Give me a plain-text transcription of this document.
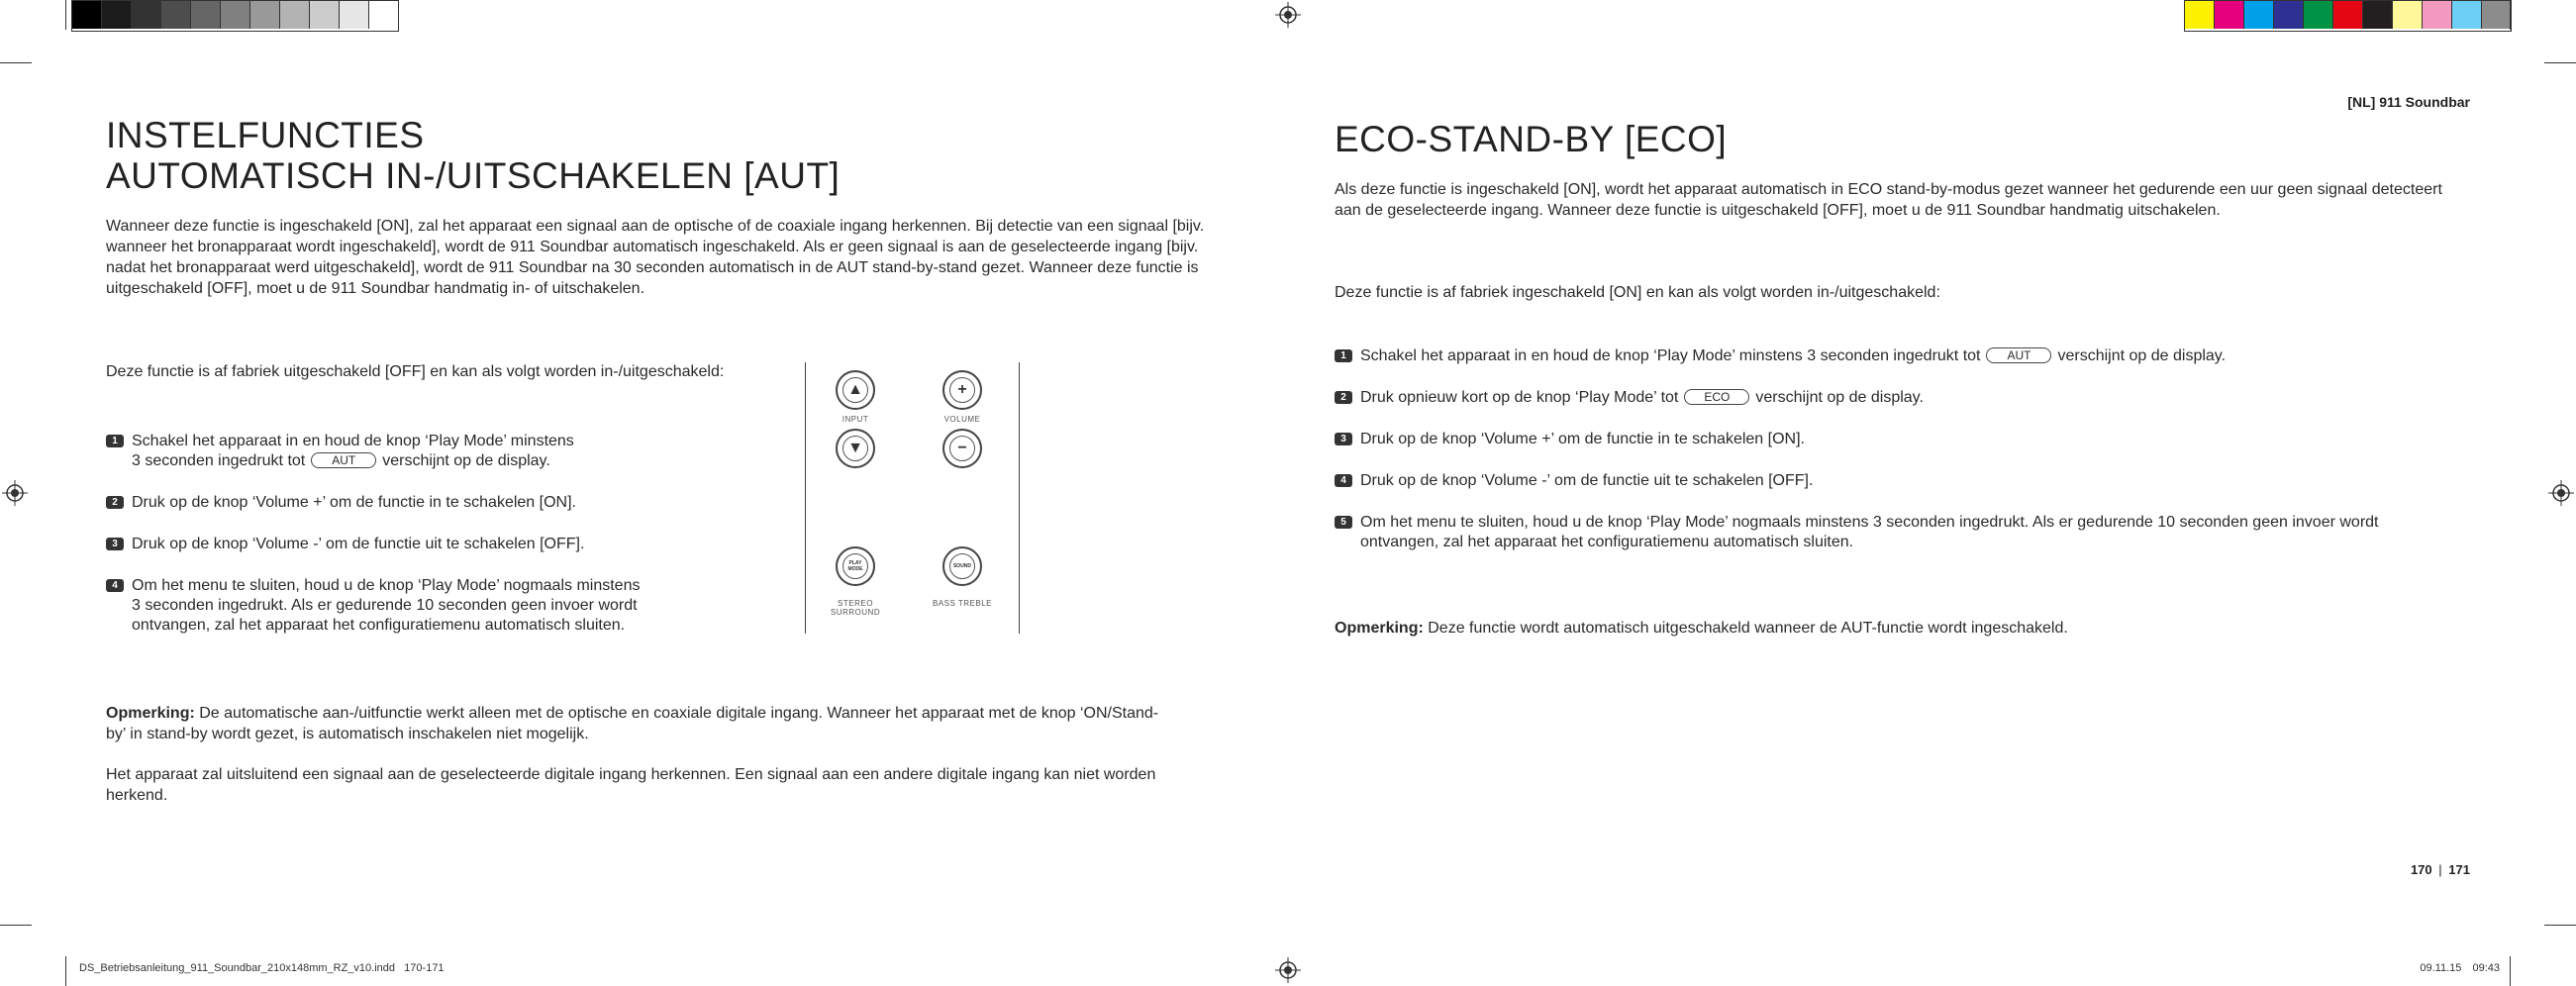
[NL] 911 Soundbar
INSTELFUNCTIES
AUTOMATISCH IN-/UITSCHAKELEN [AUT]

Wanneer deze functie is ingeschakeld [ON], zal het apparaat een signaal aan de optische of de coaxiale ingang herkennen. Bij detectie van een signaal [bijv. wanneer het bronapparaat wordt ingeschakeld], wordt de 911 Soundbar automatisch ingeschakeld. Als er geen signaal is aan de geselecteerde ingang [bijv. nadat het bronapparaat werd uitgeschakeld], wordt de 911 Soundbar na 30 seconden automatisch in de AUT stand-by-stand gezet. Wanneer deze functie is uitgeschakeld [OFF], moet u de 911 Soundbar handmatig in- of uitschakelen.

Deze functie is af fabriek uitgeschakeld [OFF] en kan als volgt worden in-/uitgeschakeld:

1 Schakel het apparaat in en houd de knop ‘Play Mode’ minstens
3 seconden ingedrukt tot AUT verschijnt op de display.
2 Druk op de knop ‘Volume +’ om de functie in te schakelen [ON].
3 Druk op de knop ‘Volume -’ om de functie uit te schakelen [OFF].
4 Om het menu te sluiten, houd u de knop ‘Play Mode’ nogmaals minstens
3 seconden ingedrukt. Als er gedurende 10 seconden geen invoer wordt
ontvangen, zal het apparaat het configuratiemenu automatisch sluiten.
▲
INPUT
▼
+
VOLUME
−
PLAY MODE
STEREO SURROUND
SOUND
BASS TREBLE

Opmerking: De automatische aan-/uitfunctie werkt alleen met de optische en coaxiale digitale ingang. Wanneer het apparaat met de knop ‘ON/Stand-by’ in stand-by wordt gezet, is automatisch inschakelen niet mogelijk.

Het apparaat zal uitsluitend een signaal aan de geselecteerde digitale ingang herkennen. Een signaal aan een andere digitale ingang kan niet worden herkend.

ECO-STAND-BY [ECO]

Als deze functie is ingeschakeld [ON], wordt het apparaat automatisch in ECO stand-by-modus gezet wanneer het gedurende een uur geen signaal detecteert aan de geselecteerde ingang. Wanneer deze functie is uitgeschakeld [OFF], moet u de 911 Soundbar handmatig uitschakelen.

Deze functie is af fabriek ingeschakeld [ON] en kan als volgt worden in-/uitgeschakeld:

1 Schakel het apparaat in en houd de knop ‘Play Mode’ minstens 3 seconden ingedrukt tot AUT verschijnt op de display.
2 Druk opnieuw kort op de knop ‘Play Mode’ tot ECO verschijnt op de display.
3 Druk op de knop ‘Volume +’ om de functie in te schakelen [ON].
4 Druk op de knop ‘Volume -’ om de functie uit te schakelen [OFF].
5 Om het menu te sluiten, houd u de knop ‘Play Mode’ nogmaals minstens 3 seconden ingedrukt. Als er gedurende 10 seconden geen invoer wordt
ontvangen, zal het apparaat het configuratiemenu automatisch sluiten.

Opmerking: Deze functie wordt automatisch uitgeschakeld wanneer de AUT-functie wordt ingeschakeld.

170 | 171
DS_Betriebsanleitung_911_Soundbar_210x148mm_RZ_v10.indd   170-171	09.11.15 09:43
